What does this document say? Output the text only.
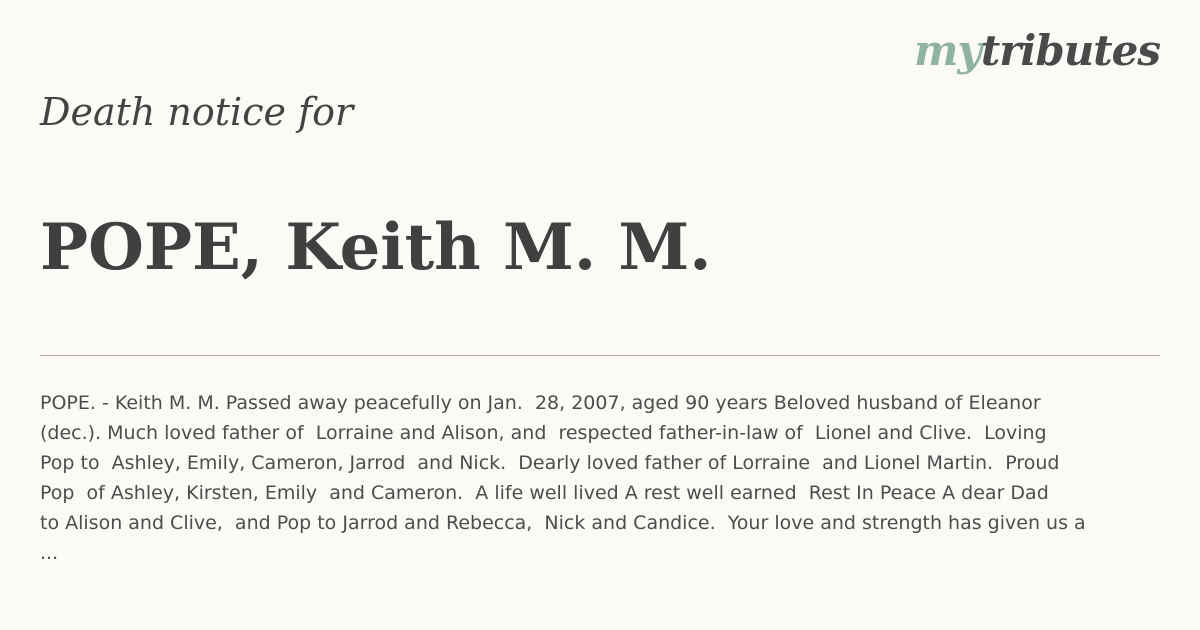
mytributes
Death notice for
POPE, Keith M. M.
POPE. - Keith M. M. Passed away peacefully on Jan.  28, 2007, aged 90 years Beloved husband of Eleanor
(dec.). Much loved father of  Lorraine and Alison, and  respected father-in-law of  Lionel and Clive.  Loving
Pop to  Ashley, Emily, Cameron, Jarrod  and Nick.  Dearly loved father of Lorraine  and Lionel Martin.  Proud
Pop  of Ashley, Kirsten, Emily  and Cameron.  A life well lived A rest well earned  Rest In Peace A dear Dad
to Alison and Clive,  and Pop to Jarrod and Rebecca,  Nick and Candice.  Your love and strength has given us a
...
